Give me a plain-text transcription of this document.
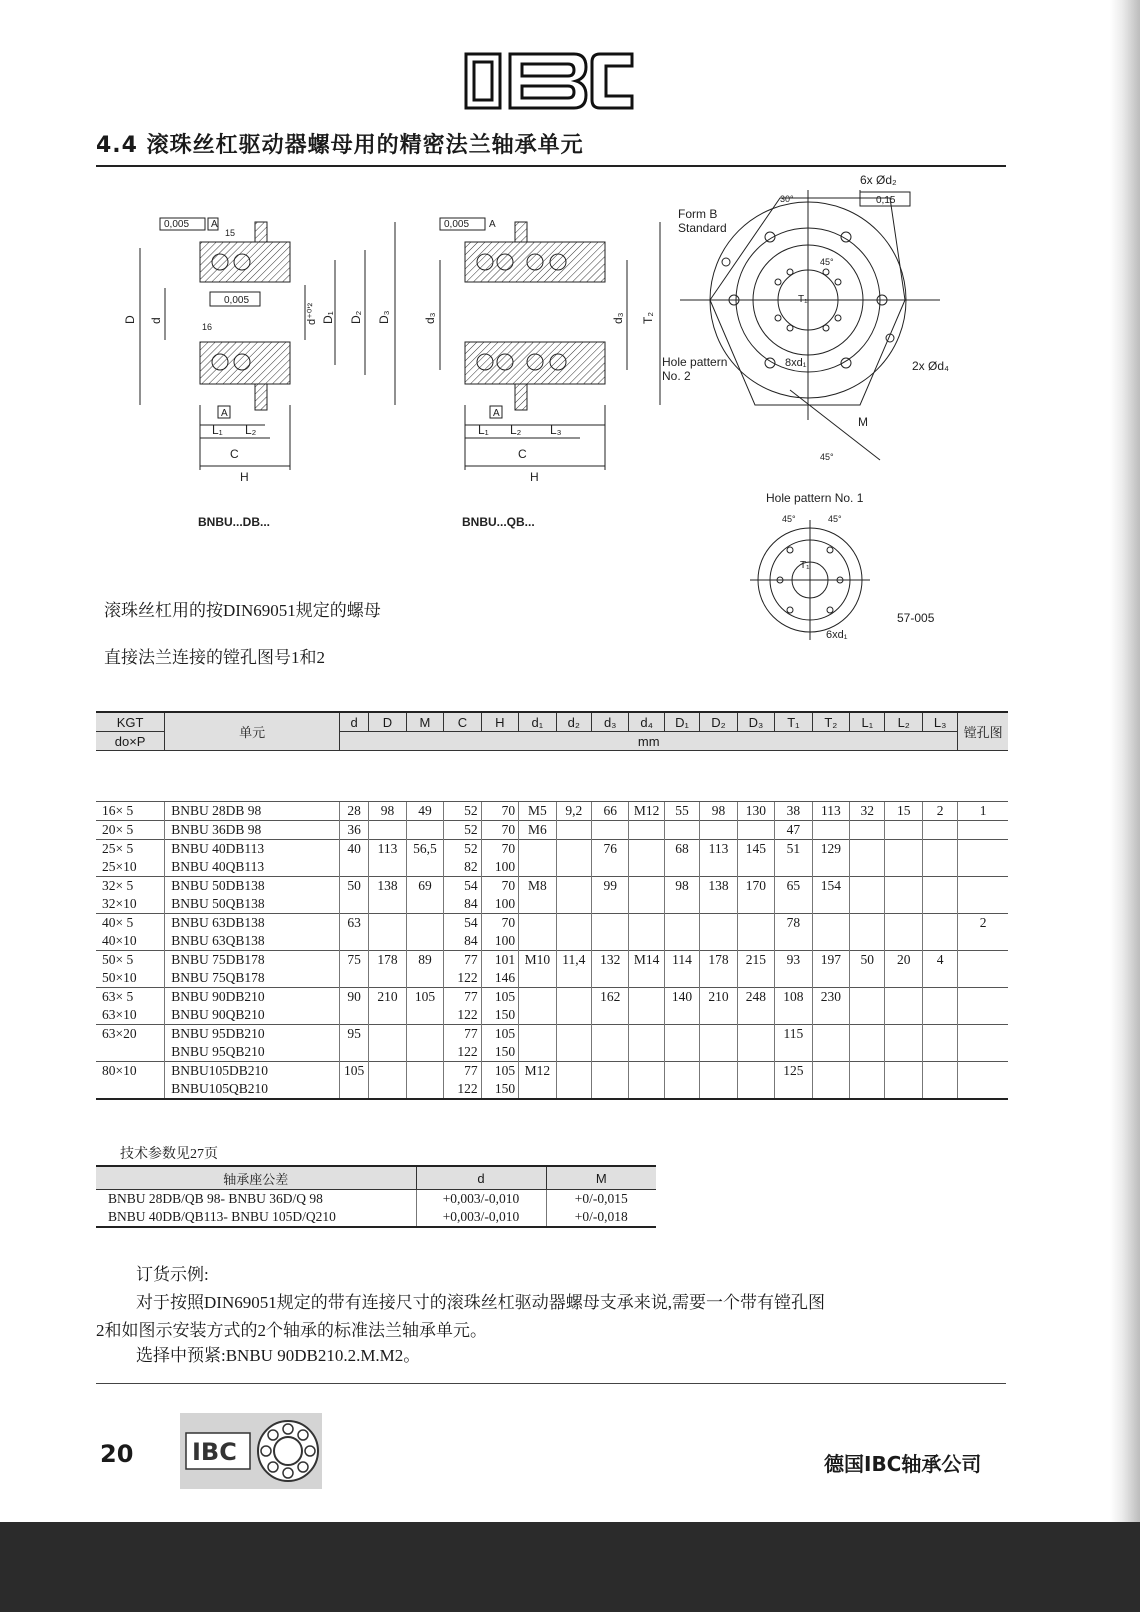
IBC
4.4 滚珠丝杠驱动器螺母用的精密法兰轴承单元
0,005 A
0,005
15
16
A
D d	d⁺⁰'² D₁ D₂ D₃
L₁ L₂
C
H
BNBU...DB...
0,005 A
A
d₃	d₃ T₂
L₁ L₂ L₃
C
H
BNBU...QB...
Form B
Standard
6x Ød₂
0,15
30°
45°
T₁
8xd₁
Hole pattern
No. 2
2x Ød₄
M
45°
Hole pattern No. 1
45°	45°
T₁
6xd₁
57-005
滚珠丝杠用的按DIN69051规定的螺母
直接法兰连接的镗孔图号1和2
KGT	单元	d	D	M	C	H	d₁	d₂	d₃	d₄	D₁	D₂	D₃	T₁	T₂	L₁	L₂	L₃	镗孔图
do×P		mm																	

16× 5	BNBU 28DB 98	28	98	49	52	70	M5	9,2	66	M12	55	98	130	38	113	32	15	2	1
20× 5	BNBU 36DB 98	36			52	70	M6							47					
25× 5	BNBU 40DB113	40	113	56,5	52	70			76		68	113	145	51	129				
25×10	BNBU 40QB113				82	100													
32× 5	BNBU 50DB138	50	138	69	54	70	M8		99		98	138	170	65	154				
32×10	BNBU 50QB138				84	100													
40× 5	BNBU 63DB138	63			54	70								78					2
40×10	BNBU 63QB138				84	100													
50× 5	BNBU 75DB178	75	178	89	77	101	M10	11,4	132	M14	114	178	215	93	197	50	20	4	
50×10	BNBU 75QB178				122	146													
63× 5	BNBU 90DB210	90	210	105	77	105			162		140	210	248	108	230				
63×10	BNBU 90QB210				122	150													
63×20	BNBU 95DB210	95			77	105								115					
	BNBU 95QB210				122	150													
80×10	BNBU105DB210	105			77	105	M12							125					
	BNBU105QB210				122	150													
技术参数见27页
轴承座公差	d	M
BNBU 28DB/QB 98- BNBU 36D/Q 98	+0,003/-0,010	+0/-0,015
BNBU 40DB/QB113- BNBU 105D/Q210	+0,003/-0,010	+0/-0,018
订货示例:
对于按照DIN69051规定的带有连接尺寸的滚珠丝杠驱动器螺母支承来说,需要一个带有镗孔图
2和如图示安装方式的2个轴承的标准法兰轴承单元。
选择中预紧:BNBU 90DB210.2.M.M2。
20 IBC	德国IBC轴承公司
